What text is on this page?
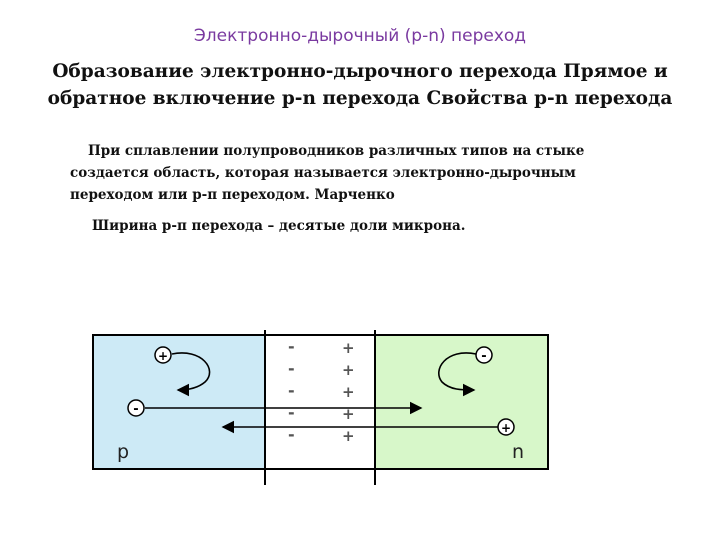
Электронно-дырочный (p-n) переход
Образование электронно-дырочного перехода Прямое и
обратное включение p-n перехода Свойства p-n перехода
При сплавлении полупроводников различных типов на стыке
создается область, которая называется электронно-дырочным
переходом или р-п переходом. Марченко
Ширина р-п перехода – десятые доли микрона.
-
-
-
-
-
+
+
+
+
+
+
-
-
+
p	n
